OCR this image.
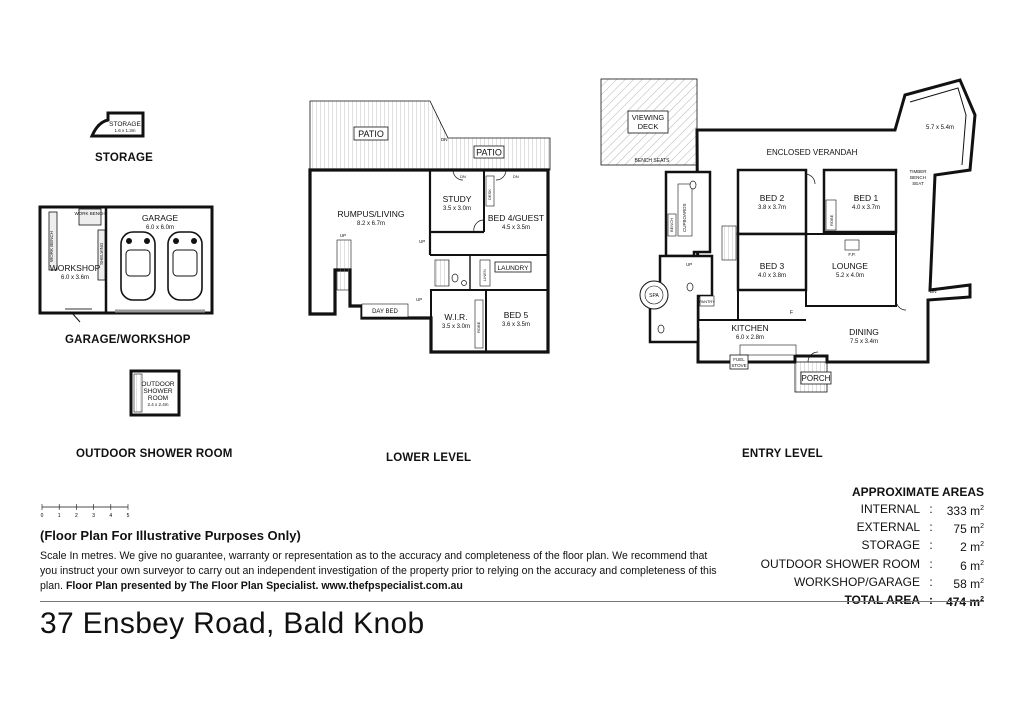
STORAGE
1.6 x 1.3m
GARAGE
6.0 x 6.0m
WORKSHOP
6.0 x 3.6m
WORK BENCH
WORK BENCH	SHELVING
OUTDOOR
SHOWER
ROOM
2.4 x 2.4m
PATIO
PATIO
DN
UP
ROBE
DESK
LINEN
LAUNDRY
DAY BED
UP
UP
DN	DN
RUMPUS/LIVING
8.2 x 6.7m
STUDY
3.5 x 3.0m
BED 4/GUEST
4.5 x 3.5m
W.I.R.
3.5 x 3.0m
BED 5
3.6 x 3.5m
VIEWING
DECK
BENCH SEATS
5.7 x 5.4m
ENCLOSED VERANDAH
TIMBER
BENCH
SEAT
CUPBOARDS
BENCH
SPA
ROBE
F.P.
PANTRY
FUEL
STOVE
F
PORCH
DN
UP
BED 2
3.8 x 3.7m
BED 1
4.0 x 3.7m
BED 3
4.0 x 3.8m
LOUNGE
5.2 x 4.0m
KITCHEN
6.0 x 2.8m
DINING
7.5 x 3.4m
STORAGE
GARAGE/WORKSHOP
OUTDOOR SHOWER ROOM	LOWER LEVEL	ENTRY LEVEL
0	1	2	3	4	5
(Floor Plan For Illustrative Purposes Only)
Scale In metres. We give no guarantee, warranty or representation as to the accuracy and completeness of the floor plan. We recommend that you instruct your own surveyor to carry out an independent investigation of the property prior to relying on the accuracy and completeness of this plan. Floor Plan presented by The Floor Plan Specialist. www.thefpspecialist.com.au
APPROXIMATE AREAS
INTERNAL :	333 $m^2$
EXTERNAL :	75 $m^2$
STORAGE :	2 $m^2$
OUTDOOR SHOWER ROOM :	6 $m^2$
WORKSHOP/GARAGE :	58 $m^2$
TOTAL AREA :	474 $m^2$
37 Ensbey Road, Bald Knob
